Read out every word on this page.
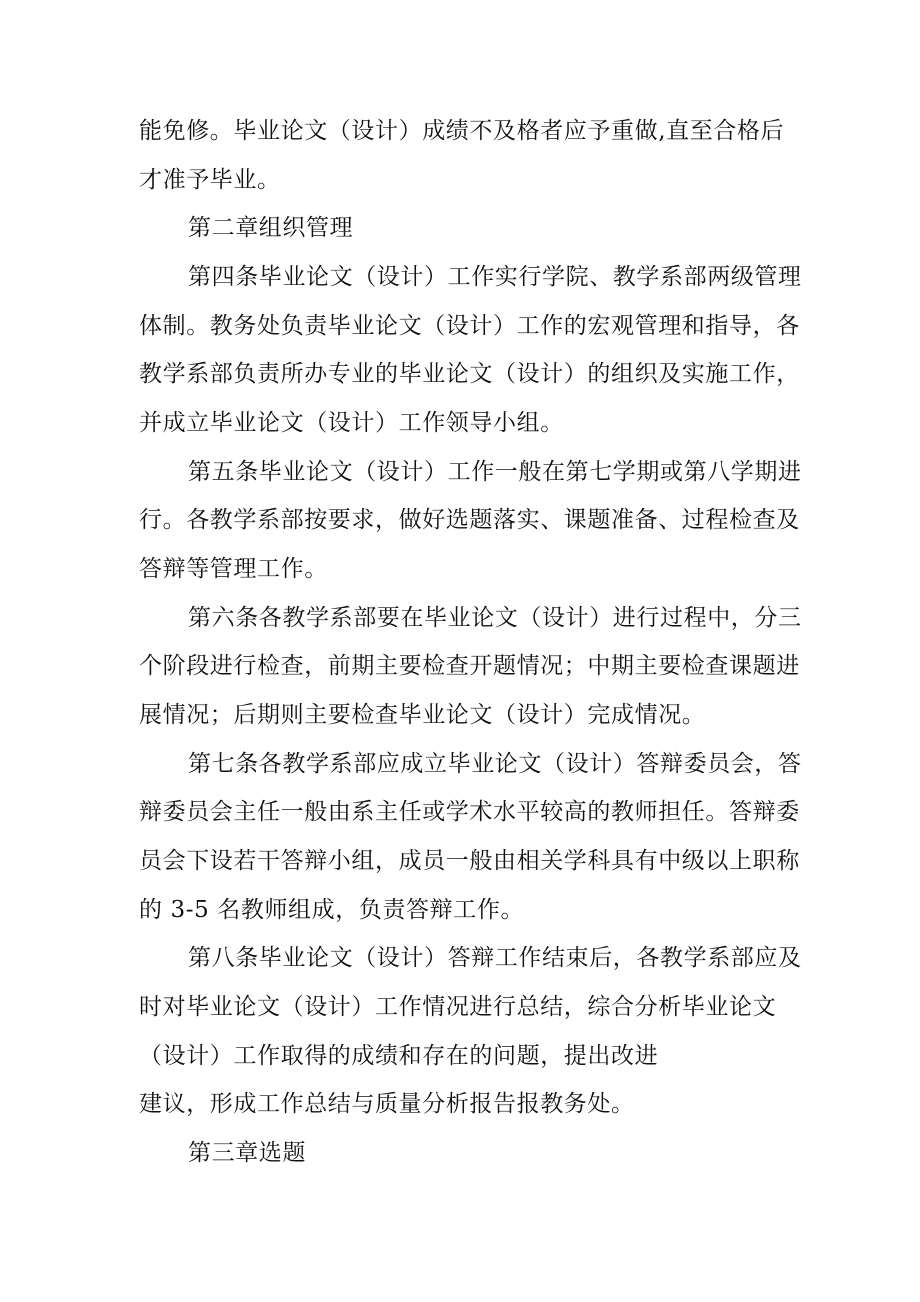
能免修。毕业论文（设计）成绩不及格者应予重做,直至合格后
才准予毕业。
第二章组织管理
第四条毕业论文（设计）工作实行学院、教学系部两级管理
体制。教务处负责毕业论文（设计）工作的宏观管理和指导，各
教学系部负责所办专业的毕业论文（设计）的组织及实施工作，
并成立毕业论文（设计）工作领导小组。
第五条毕业论文（设计）工作一般在第七学期或第八学期进
行。各教学系部按要求，做好选题落实、课题准备、过程检查及
答辩等管理工作。
第六条各教学系部要在毕业论文（设计）进行过程中，分三
个阶段进行检查，前期主要检查开题情况；中期主要检查课题进
展情况；后期则主要检查毕业论文（设计）完成情况。
第七条各教学系部应成立毕业论文（设计）答辩委员会，答
辩委员会主任一般由系主任或学术水平较高的教师担任。答辩委
员会下设若干答辩小组，成员一般由相关学科具有中级以上职称
的 3-5 名教师组成，负责答辩工作。
第八条毕业论文（设计）答辩工作结束后，各教学系部应及
时对毕业论文（设计）工作情况进行总结，综合分析毕业论文
（设计）工作取得的成绩和存在的问题，提出改进
建议，形成工作总结与质量分析报告报教务处。
第三章选题
